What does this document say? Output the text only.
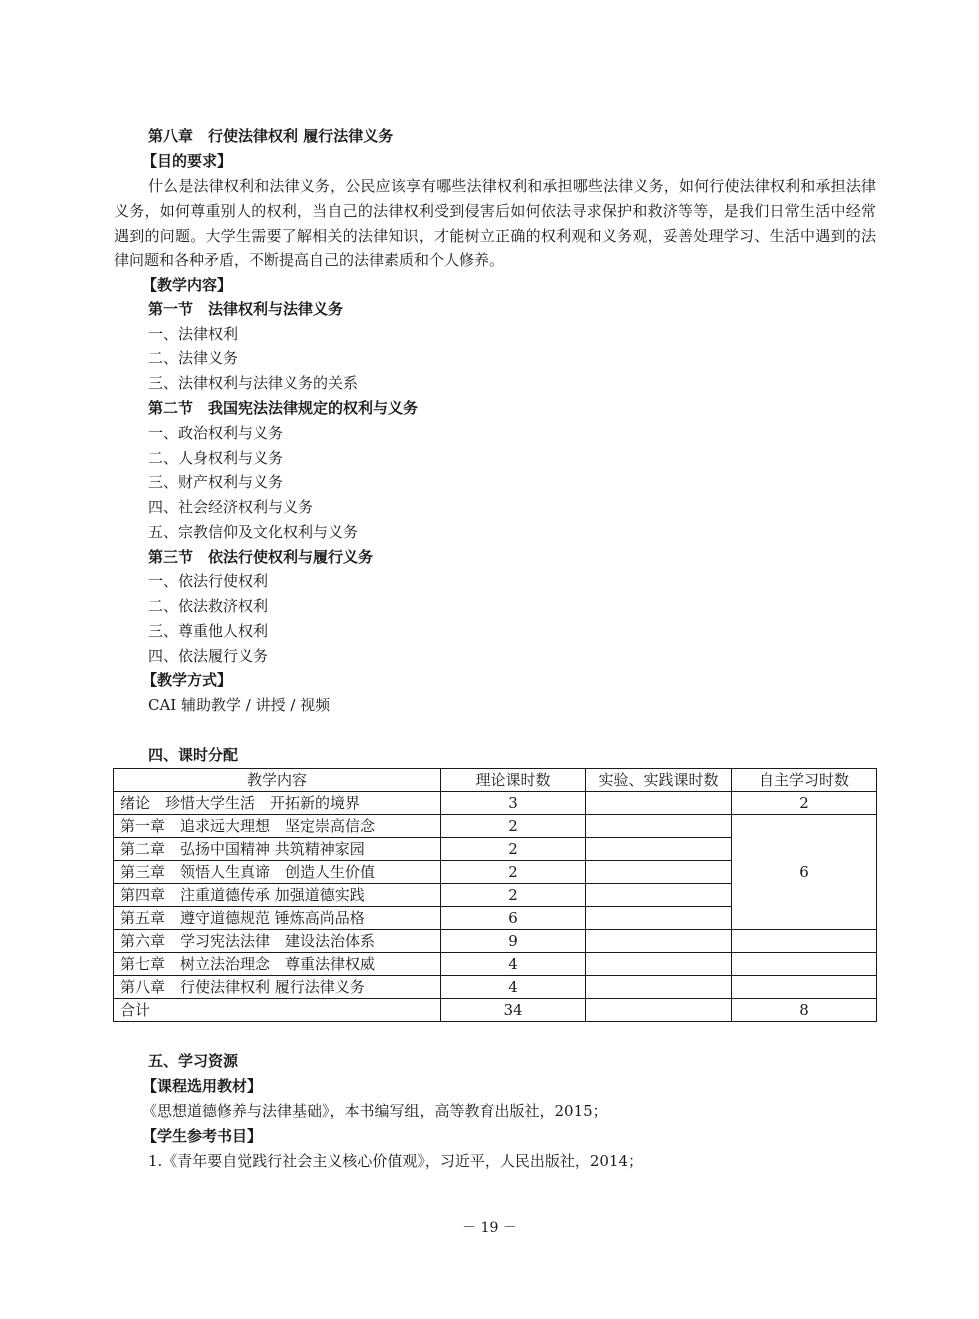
第八章　行使法律权利 履行法律义务
【目的要求】
什么是法律权利和法律义务，公民应该享有哪些法律权利和承担哪些法律义务，如何行使法律权利和承担法律义务，如何尊重别人的权利，当自己的法律权利受到侵害后如何依法寻求保护和救济等等，是我们日常生活中经常遇到的问题。大学生需要了解相关的法律知识，才能树立正确的权利观和义务观，妥善处理学习、生活中遇到的法律问题和各种矛盾，不断提高自己的法律素质和个人修养。
【教学内容】
第一节　法律权利与法律义务
一、法律权利
二、法律义务
三、法律权利与法律义务的关系
第二节　我国宪法法律规定的权利与义务
一、政治权利与义务
二、人身权利与义务
三、财产权利与义务
四、社会经济权利与义务
五、宗教信仰及文化权利与义务
第三节　依法行使权利与履行义务
一、依法行使权利
二、依法救济权利
三、尊重他人权利
四、依法履行义务
【教学方式】
CAI 辅助教学 / 讲授 / 视频
四、课时分配
教学内容	理论课时数	实验、实践课时数	自主学习时数
绪论　珍惜大学生活　开拓新的境界	3		2
第一章　追求远大理想　坚定崇高信念	2		6
第二章　弘扬中国精神 共筑精神家园	2		
第三章　领悟人生真谛　创造人生价值	2		
第四章　注重道德传承 加强道德实践	2		
第五章　遵守道德规范 锤炼高尚品格	6		
第六章　学习宪法法律　建设法治体系	9		
第七章　树立法治理念　尊重法律权威	4		
第八章　行使法律权利 履行法律义务	4		
合计	34		8
五、学习资源
【课程选用教材】
《思想道德修养与法律基础》，本书编写组，高等教育出版社，2015；
【学生参考书目】
1.《青年要自觉践行社会主义核心价值观》，习近平，人民出版社，2014；
－ 19 －
